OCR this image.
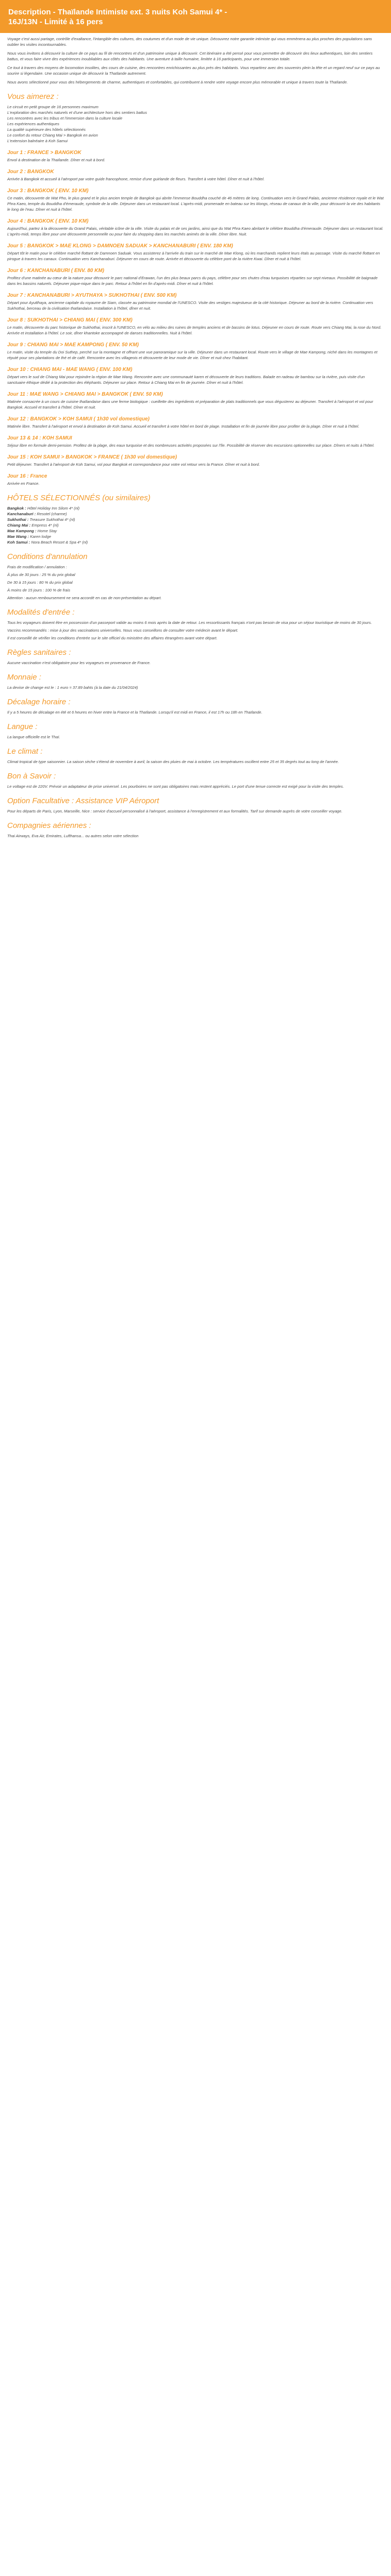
Description - Thaïlande Intimiste ext. 3 nuits Koh Samui 4* -
16J/13N - Limité à 16 pers

Voyage c'est aussi partage, contrôle d'exaltance, l'intangible des cultures, des coutumes et d'un mode de vie unique. Découvrez notre garantie intimiste qui vous emmènera au plus proches des populations sans oublier les visites incontournables.

Nous vous invitons à découvrir la culture de ce pays au fil de rencontres et d'un patrimoine unique à découvrir. Cet itinéraire a été pensé pour vous permettre de découvrir des lieux authentiques, loin des sentiers battus, et vous faire vivre des expériences inoubliables aux côtés des habitants. Une aventure à taille humaine, limitée à 16 participants, pour une immersion totale.

Ce tout à travers des moyens de locomotion insolites, des cours de cuisine, des rencontres enrichissantes au plus près des habitants. Vous repartirez avec des souvenirs plein la tête et un regard neuf sur ce pays au sourire si légendaire. Une occasion unique de découvrir la Thaïlande autrement.

Nous avons sélectionné pour vous des hébergements de charme, authentiques et confortables, qui contribuent à rendre votre voyage encore plus mémorable et unique à travers toute la Thaïlande.

Vous aimerez :
Le circuit en petit groupe de 16 personnes maximum
L'exploration des marchés naturels et d'une architecture hors des sentiers battus
Les rencontres avec les tribus et l'immersion dans la culture locale
Les expériences authentiques
La qualité supérieure des hôtels sélectionnés
Le confort du retour Chiang Mai > Bangkok en avion
L'extension balnéaire à Koh Samui
Jour 1 : FRANCE > BANGKOK

Envol à destination de la Thaïlande. Dîner et nuit à bord.

Jour 2 : BANGKOK

Arrivée à Bangkok et accueil à l'aéroport par votre guide francophone, remise d'une guirlande de fleurs. Transfert à votre hôtel. Dîner et nuit à l'hôtel.

Jour 3 : BANGKOK ( ENV. 10 KM)

Ce matin, découverte de Wat Pho, le plus grand et le plus ancien temple de Bangkok qui abrite l'immense Bouddha couché de 46 mètres de long. Continuation vers le Grand Palais, ancienne résidence royale et le Wat Phra Kaeo, temple du Bouddha d'émeraude, symbole de la ville. Déjeuner dans un restaurant local. L'après-midi, promenade en bateau sur les klongs, réseau de canaux de la ville, pour découvrir la vie des habitants le long de l'eau. Dîner et nuit à l'hôtel.

Jour 4 : BANGKOK ( ENV. 10 KM)

Aujourd'hui, partez à la découverte du Grand Palais, véritable icône de la ville. Visite du palais et de ses jardins, ainsi que du Wat Phra Kaeo abritant le célèbre Bouddha d'émeraude. Déjeuner dans un restaurant local. L'après-midi, temps libre pour une découverte personnelle ou pour faire du shopping dans les marchés animés de la ville. Dîner libre. Nuit.

Jour 5 : BANGKOK > MAE KLONG > DAMNOEN SADUAK > KANCHANABURI ( ENV. 180 KM)

Départ tôt le matin pour le célèbre marché flottant de Damnoen Saduak. Vous assisterez à l'arrivée du train sur le marché de Mae Klong, où les marchands replient leurs étals au passage. Visite du marché flottant en pirogue à travers les canaux. Continuation vers Kanchanaburi. Déjeuner en cours de route. Arrivée et découverte du célèbre pont de la rivière Kwai. Dîner et nuit à l'hôtel.

Jour 6 : KANCHANABURI ( ENV. 80 KM)

Profitez d'une matinée au cœur de la nature pour découvrir le parc national d'Erawan, l'un des plus beaux parcs du pays, célèbre pour ses chutes d'eau turquoises réparties sur sept niveaux. Possibilité de baignade dans les bassins naturels. Déjeuner pique-nique dans le parc. Retour à l'hôtel en fin d'après-midi. Dîner et nuit à l'hôtel.

Jour 7 : KANCHANABURI > AYUTHAYA > SUKHOTHAI ( ENV. 500 KM)

Départ pour Ayutthaya, ancienne capitale du royaume de Siam, classée au patrimoine mondial de l'UNESCO. Visite des vestiges majestueux de la cité historique. Déjeuner au bord de la rivière. Continuation vers Sukhothai, berceau de la civilisation thaïlandaise. Installation à l'hôtel, dîner et nuit.

Jour 8 : SUKHOTHAI > CHIANG MAI ( ENV. 300 KM)

Le matin, découverte du parc historique de Sukhothai, inscrit à l'UNESCO, en vélo au milieu des ruines de temples anciens et de bassins de lotus. Déjeuner en cours de route. Route vers Chiang Mai, la rose du Nord. Arrivée et installation à l'hôtel. Le soir, dîner khantoke accompagné de danses traditionnelles. Nuit à l'hôtel.

Jour 9 : CHIANG MAI > MAE KAMPONG ( ENV. 50 KM)

Le matin, visite du temple du Doi Suthep, perché sur la montagne et offrant une vue panoramique sur la ville. Déjeuner dans un restaurant local. Route vers le village de Mae Kampong, niché dans les montagnes et réputé pour ses plantations de thé et de café. Rencontre avec les villageois et découverte de leur mode de vie. Dîner et nuit chez l'habitant.

Jour 10 : CHIANG MAI - MAE WANG ( ENV. 100 KM)

Départ vers le sud de Chiang Mai pour rejoindre la région de Mae Wang. Rencontre avec une communauté karen et découverte de leurs traditions. Balade en radeau de bambou sur la rivière, puis visite d'un sanctuaire éthique dédié à la protection des éléphants. Déjeuner sur place. Retour à Chiang Mai en fin de journée. Dîner et nuit à l'hôtel.

Jour 11 : MAE WANG > CHIANG MAI > BANGKOK ( ENV. 50 KM)

Matinée consacrée à un cours de cuisine thaïlandaise dans une ferme biologique : cueillette des ingrédients et préparation de plats traditionnels que vous dégusterez au déjeuner. Transfert à l'aéroport et vol pour Bangkok. Accueil et transfert à l'hôtel. Dîner et nuit.

Jour 12 : BANGKOK > KOH SAMUI ( 1h30 vol domestique)

Matinée libre. Transfert à l'aéroport et envol à destination de Koh Samui. Accueil et transfert à votre hôtel en bord de plage. Installation et fin de journée libre pour profiter de la plage. Dîner et nuit à l'hôtel.

Jour 13 & 14 : KOH SAMUI

Séjour libre en formule demi-pension. Profitez de la plage, des eaux turquoise et des nombreuses activités proposées sur l'île. Possibilité de réserver des excursions optionnelles sur place. Dîners et nuits à l'hôtel.

Jour 15 : KOH SAMUI > BANGKOK > FRANCE ( 1h30 vol domestique)

Petit déjeuner. Transfert à l'aéroport de Koh Samui, vol pour Bangkok et correspondance pour votre vol retour vers la France. Dîner et nuit à bord.

Jour 16 : France

Arrivée en France.

HÔTELS SÉLECTIONNÉS (ou similaires)
Bangkok : Hôtel Holiday Inn Silom 4* (nl)
Kanchanaburi : Resotel (charme)
Sukhothai : Treasure Sukhothai 4* (nl)
Chiang Mai : Empress 4* (nl)
Mae Kampong : Home Stay
Mae Wang : Karen lodge
Koh Samui : Nora Beach Resort & Spa 4* (nl)
Conditions d'annulation

Frais de modification / annulation :

À plus de 30 jours : 25 % du prix global

De 30 à 15 jours : 80 % du prix global

À moins de 15 jours : 100 % de frais

Attention : aucun remboursement ne sera accordé en cas de non-présentation au départ.

Modalités d'entrée :

Tous les voyageurs doivent être en possession d'un passeport valide au moins 6 mois après la date de retour. Les ressortissants français n'ont pas besoin de visa pour un séjour touristique de moins de 30 jours.

Vaccins recommandés : mise à jour des vaccinations universelles. Nous vous conseillons de consulter votre médecin avant le départ.

Il est conseillé de vérifier les conditions d'entrée sur le site officiel du ministère des affaires étrangères avant votre départ.

Règles sanitaires :

Aucune vaccination n'est obligatoire pour les voyageurs en provenance de France.

Monnaie :

La devise de change est le : 1 euro = 37.89 bahts (à la date du 21/04/2024)

Décalage horaire :

Il y a 5 heures de décalage en été et 6 heures en hiver entre la France et la Thaïlande. Lorsqu'il est midi en France, il est 17h ou 18h en Thaïlande.

Langue :

La langue officielle est le Thaï.

Le climat :

Climat tropical de type saisonnier. La saison sèche s'étend de novembre à avril, la saison des pluies de mai à octobre. Les températures oscillent entre 25 et 35 degrés tout au long de l'année.

Bon à Savoir :

Le voltage est de 220V. Prévoir un adaptateur de prise universel. Les pourboires ne sont pas obligatoires mais restent appréciés. Le port d'une tenue correcte est exigé pour la visite des temples.

Option Facultative : Assistance VIP Aéroport

Pour les départs de Paris, Lyon, Marseille, Nice : service d'accueil personnalisé à l'aéroport, assistance à l'enregistrement et aux formalités. Tarif sur demande auprès de votre conseiller voyage.

Compagnies aériennes :

Thai Airways, Eva Air, Emirates, Lufthansa... ou autres selon votre sélection
